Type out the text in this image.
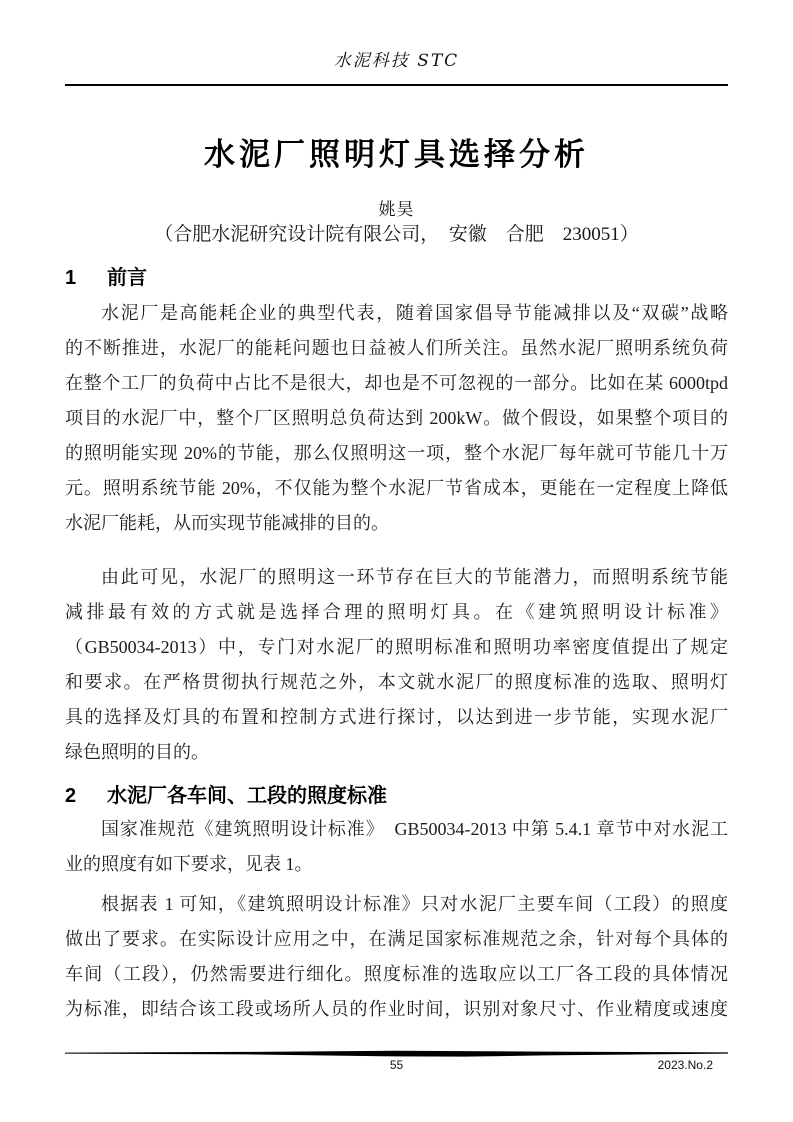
水泥科技 STC
水泥厂照明灯具选择分析
姚昊
（合肥水泥研究设计院有限公司，　安徽　合肥　230051）
1 前言
水泥厂是高能耗企业的典型代表，随着国家倡导节能减排以及“双碳”战略
的不断推进，水泥厂的能耗问题也日益被人们所关注。虽然水泥厂照明系统负荷
在整个工厂的负荷中占比不是很大，却也是不可忽视的一部分。比如在某 6000tpd
项目的水泥厂中，整个厂区照明总负荷达到 200kW。做个假设，如果整个项目的
的照明能实现 20%的节能，那么仅照明这一项，整个水泥厂每年就可节能几十万
元。照明系统节能 20%，不仅能为整个水泥厂节省成本，更能在一定程度上降低
水泥厂能耗，从而实现节能减排的目的。
由此可见，水泥厂的照明这一环节存在巨大的节能潜力，而照明系统节能
减排最有效的方式就是选择合理的照明灯具。在《建筑照明设计标准》
（GB50034-2013）中，专门对水泥厂的照明标准和照明功率密度值提出了规定
和要求。在严格贯彻执行规范之外，本文就水泥厂的照度标准的选取、照明灯
具的选择及灯具的布置和控制方式进行探讨，以达到进一步节能，实现水泥厂
绿色照明的目的。
2 水泥厂各车间、工段的照度标准
国家准规范《建筑照明设计标准》　GB50034-2013 中第 5.4.1 章节中对水泥工
业的照度有如下要求，见表 1。
根据表 1 可知，《建筑照明设计标准》只对水泥厂主要车间（工段）的照度
做出了要求。在实际设计应用之中，在满足国家标准规范之余，针对每个具体的
车间（工段），仍然需要进行细化。照度标准的选取应以工厂各工段的具体情况
为标准，即结合该工段或场所人员的作业时间，识别对象尺寸、作业精度或速度
55	2023.No.2
